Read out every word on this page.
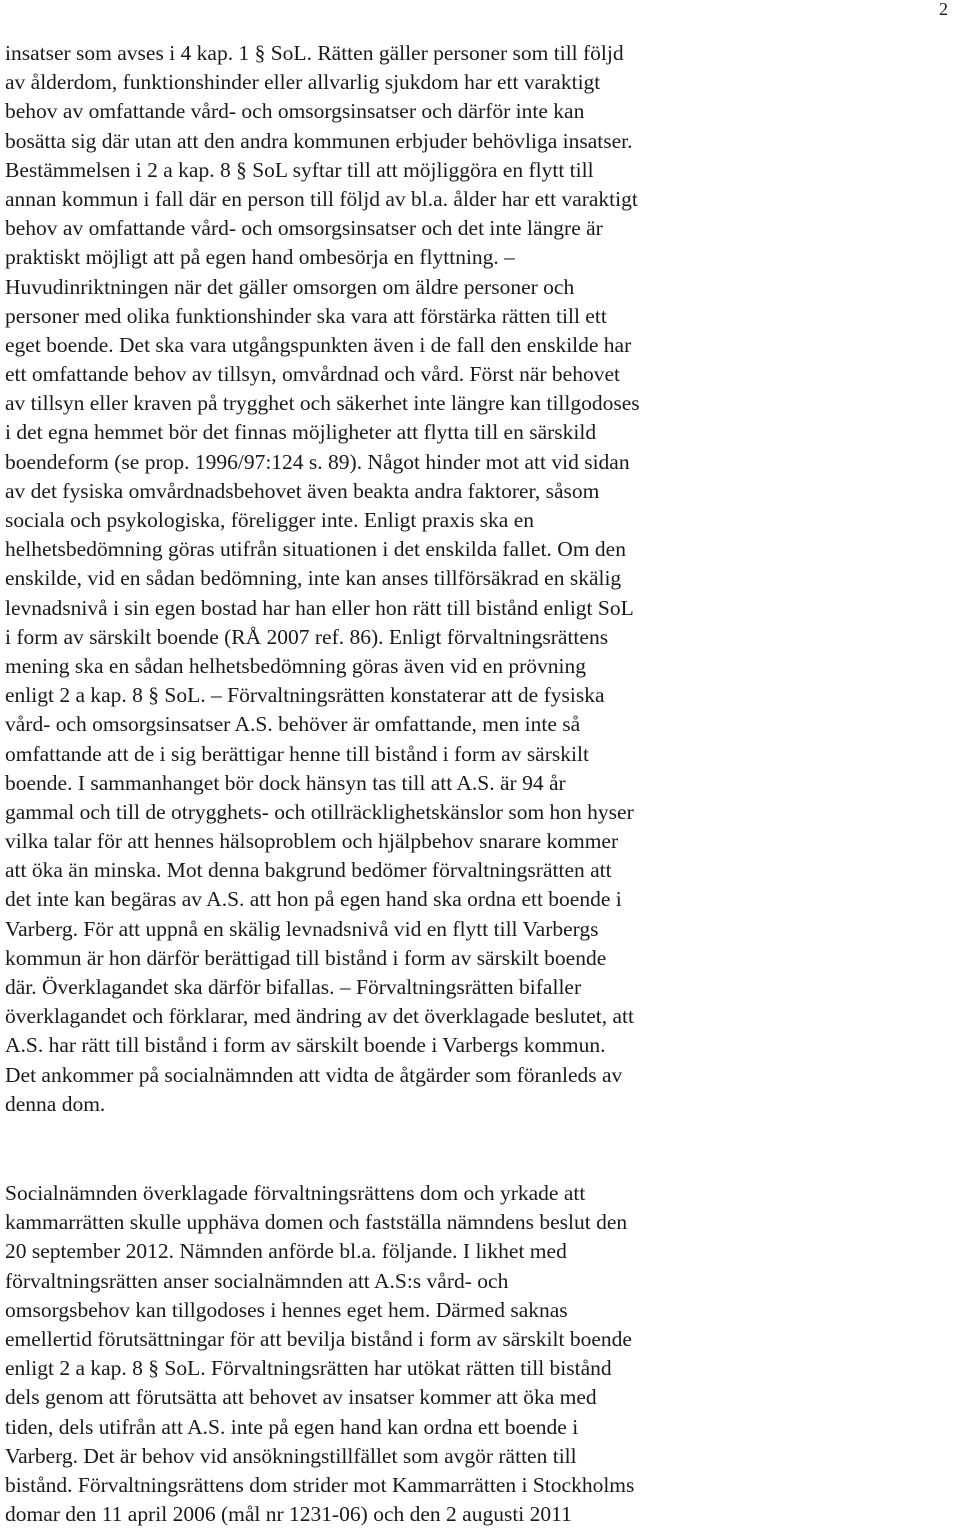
2
insatser som avses i 4 kap. 1 § SoL. Rätten gäller personer som till följd
av ålderdom, funktionshinder eller allvarlig sjukdom har ett varaktigt
behov av omfattande vård- och omsorgsinsatser och därför inte kan
bosätta sig där utan att den andra kommunen erbjuder behövliga insatser.
Bestämmelsen i 2 a kap. 8 § SoL syftar till att möjliggöra en flytt till
annan kommun i fall där en person till följd av bl.a. ålder har ett varaktigt
behov av omfattande vård- och omsorgsinsatser och det inte längre är
praktiskt möjligt att på egen hand ombesörja en flyttning. –
Huvudinriktningen när det gäller omsorgen om äldre personer och
personer med olika funktionshinder ska vara att förstärka rätten till ett
eget boende. Det ska vara utgångspunkten även i de fall den enskilde har
ett omfattande behov av tillsyn, omvårdnad och vård. Först när behovet
av tillsyn eller kraven på trygghet och säkerhet inte längre kan tillgodoses
i det egna hemmet bör det finnas möjligheter att flytta till en särskild
boendeform (se prop. 1996/97:124 s. 89). Något hinder mot att vid sidan
av det fysiska omvårdnadsbehovet även beakta andra faktorer, såsom
sociala och psykologiska, föreligger inte. Enligt praxis ska en
helhetsbedömning göras utifrån situationen i det enskilda fallet. Om den
enskilde, vid en sådan bedömning, inte kan anses tillförsäkrad en skälig
levnadsnivå i sin egen bostad har han eller hon rätt till bistånd enligt SoL
i form av särskilt boende (RÅ 2007 ref. 86). Enligt förvaltningsrättens
mening ska en sådan helhetsbedömning göras även vid en prövning
enligt 2 a kap. 8 § SoL. – Förvaltningsrätten konstaterar att de fysiska
vård- och omsorgsinsatser A.S. behöver är omfattande, men inte så
omfattande att de i sig berättigar henne till bistånd i form av särskilt
boende. I sammanhanget bör dock hänsyn tas till att A.S. är 94 år
gammal och till de otrygghets- och otillräcklighetskänslor som hon hyser
vilka talar för att hennes hälsoproblem och hjälpbehov snarare kommer
att öka än minska. Mot denna bakgrund bedömer förvaltningsrätten att
det inte kan begäras av A.S. att hon på egen hand ska ordna ett boende i
Varberg. För att uppnå en skälig levnadsnivå vid en flytt till Varbergs
kommun är hon därför berättigad till bistånd i form av särskilt boende
där. Överklagandet ska därför bifallas. – Förvaltningsrätten bifaller
överklagandet och förklarar, med ändring av det överklagade beslutet, att
A.S. har rätt till bistånd i form av särskilt boende i Varbergs kommun.
Det ankommer på socialnämnden att vidta de åtgärder som föranleds av
denna dom.
Socialnämnden överklagade förvaltningsrättens dom och yrkade att
kammarrätten skulle upphäva domen och fastställa nämndens beslut den
20 september 2012. Nämnden anförde bl.a. följande. I likhet med
förvaltningsrätten anser socialnämnden att A.S:s vård- och
omsorgsbehov kan tillgodoses i hennes eget hem. Därmed saknas
emellertid förutsättningar för att bevilja bistånd i form av särskilt boende
enligt 2 a kap. 8 § SoL. Förvaltningsrätten har utökat rätten till bistånd
dels genom att förutsätta att behovet av insatser kommer att öka med
tiden, dels utifrån att A.S. inte på egen hand kan ordna ett boende i
Varberg. Det är behov vid ansökningstillfället som avgör rätten till
bistånd. Förvaltningsrättens dom strider mot Kammarrätten i Stockholms
domar den 11 april 2006 (mål nr 1231-06) och den 2 augusti 2011
